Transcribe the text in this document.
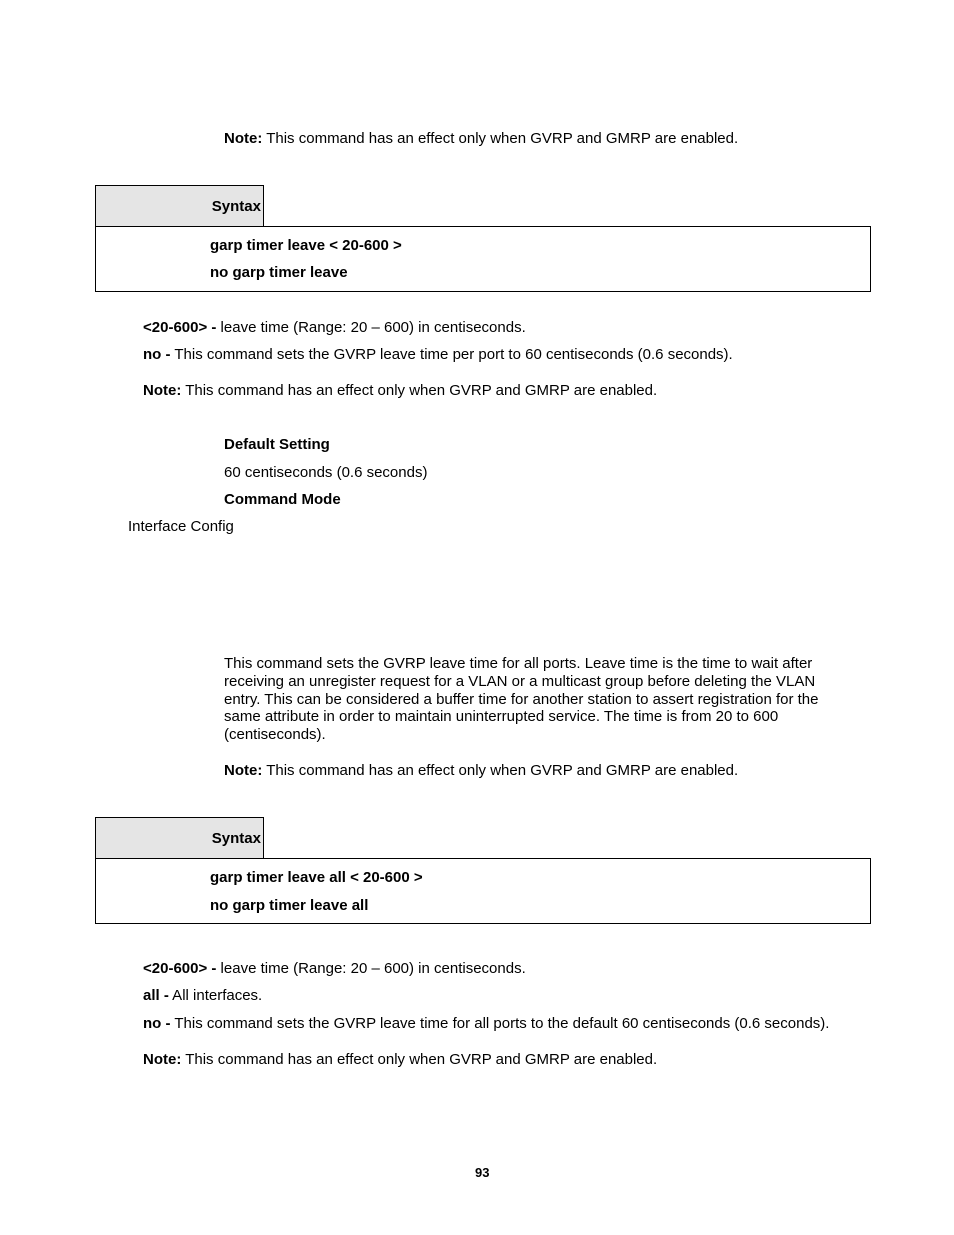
Note: This command has an effect only when GVRP and GMRP are enabled.
Syntax
garp timer leave < 20-600 >
no garp timer leave
<20-600> - leave time (Range: 20 – 600) in centiseconds.
no - This command sets the GVRP leave time per port to 60 centiseconds (0.6 seconds).
Note: This command has an effect only when GVRP and GMRP are enabled.
Default Setting
60 centiseconds (0.6 seconds)
Command Mode
Interface Config
This command sets the GVRP leave time for all ports. Leave time is the time to wait after receiving an unregister request for a VLAN or a multicast group before deleting the VLAN entry. This can be considered a buffer time for another station to assert registration for the same attribute in order to maintain uninterrupted service. The time is from 20 to 600 (centiseconds).
Note: This command has an effect only when GVRP and GMRP are enabled.
Syntax
garp timer leave all < 20-600 >
no garp timer leave all
<20-600> - leave time (Range: 20 – 600) in centiseconds.
all - All interfaces.
no - This command sets the GVRP leave time for all ports to the default 60 centiseconds (0.6 seconds).
Note: This command has an effect only when GVRP and GMRP are enabled.
93
